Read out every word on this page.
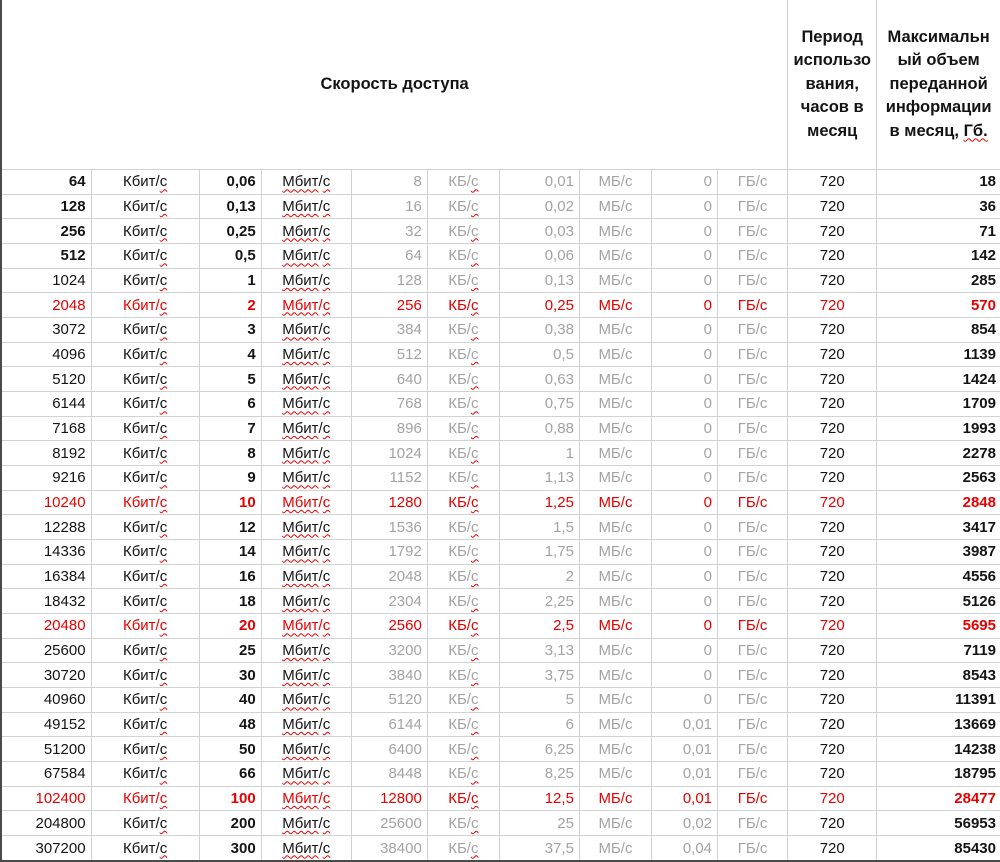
Скорость доступа										Период использования, часов в месяц	Максимальный объем переданной информации в месяц, Гб.
64	Кбит/с	0,06	Мбит/с	8	КБ/с	0,01	МБ/с	0	ГБ/с	720	18
128	Кбит/с	0,13	Мбит/с	16	КБ/с	0,02	МБ/с	0	ГБ/с	720	36
256	Кбит/с	0,25	Мбит/с	32	КБ/с	0,03	МБ/с	0	ГБ/с	720	71
512	Кбит/с	0,5	Мбит/с	64	КБ/с	0,06	МБ/с	0	ГБ/с	720	142
1024	Кбит/с	1	Мбит/с	128	КБ/с	0,13	МБ/с	0	ГБ/с	720	285
2048	Кбит/с	2	Мбит/с	256	КБ/с	0,25	МБ/с	0	ГБ/с	720	570
3072	Кбит/с	3	Мбит/с	384	КБ/с	0,38	МБ/с	0	ГБ/с	720	854
4096	Кбит/с	4	Мбит/с	512	КБ/с	0,5	МБ/с	0	ГБ/с	720	1139
5120	Кбит/с	5	Мбит/с	640	КБ/с	0,63	МБ/с	0	ГБ/с	720	1424
6144	Кбит/с	6	Мбит/с	768	КБ/с	0,75	МБ/с	0	ГБ/с	720	1709
7168	Кбит/с	7	Мбит/с	896	КБ/с	0,88	МБ/с	0	ГБ/с	720	1993
8192	Кбит/с	8	Мбит/с	1024	КБ/с	1	МБ/с	0	ГБ/с	720	2278
9216	Кбит/с	9	Мбит/с	1152	КБ/с	1,13	МБ/с	0	ГБ/с	720	2563
10240	Кбит/с	10	Мбит/с	1280	КБ/с	1,25	МБ/с	0	ГБ/с	720	2848
12288	Кбит/с	12	Мбит/с	1536	КБ/с	1,5	МБ/с	0	ГБ/с	720	3417
14336	Кбит/с	14	Мбит/с	1792	КБ/с	1,75	МБ/с	0	ГБ/с	720	3987
16384	Кбит/с	16	Мбит/с	2048	КБ/с	2	МБ/с	0	ГБ/с	720	4556
18432	Кбит/с	18	Мбит/с	2304	КБ/с	2,25	МБ/с	0	ГБ/с	720	5126
20480	Кбит/с	20	Мбит/с	2560	КБ/с	2,5	МБ/с	0	ГБ/с	720	5695
25600	Кбит/с	25	Мбит/с	3200	КБ/с	3,13	МБ/с	0	ГБ/с	720	7119
30720	Кбит/с	30	Мбит/с	3840	КБ/с	3,75	МБ/с	0	ГБ/с	720	8543
40960	Кбит/с	40	Мбит/с	5120	КБ/с	5	МБ/с	0	ГБ/с	720	11391
49152	Кбит/с	48	Мбит/с	6144	КБ/с	6	МБ/с	0,01	ГБ/с	720	13669
51200	Кбит/с	50	Мбит/с	6400	КБ/с	6,25	МБ/с	0,01	ГБ/с	720	14238
67584	Кбит/с	66	Мбит/с	8448	КБ/с	8,25	МБ/с	0,01	ГБ/с	720	18795
102400	Кбит/с	100	Мбит/с	12800	КБ/с	12,5	МБ/с	0,01	ГБ/с	720	28477
204800	Кбит/с	200	Мбит/с	25600	КБ/с	25	МБ/с	0,02	ГБ/с	720	56953
307200	Кбит/с	300	Мбит/с	38400	КБ/с	37,5	МБ/с	0,04	ГБ/с	720	85430
